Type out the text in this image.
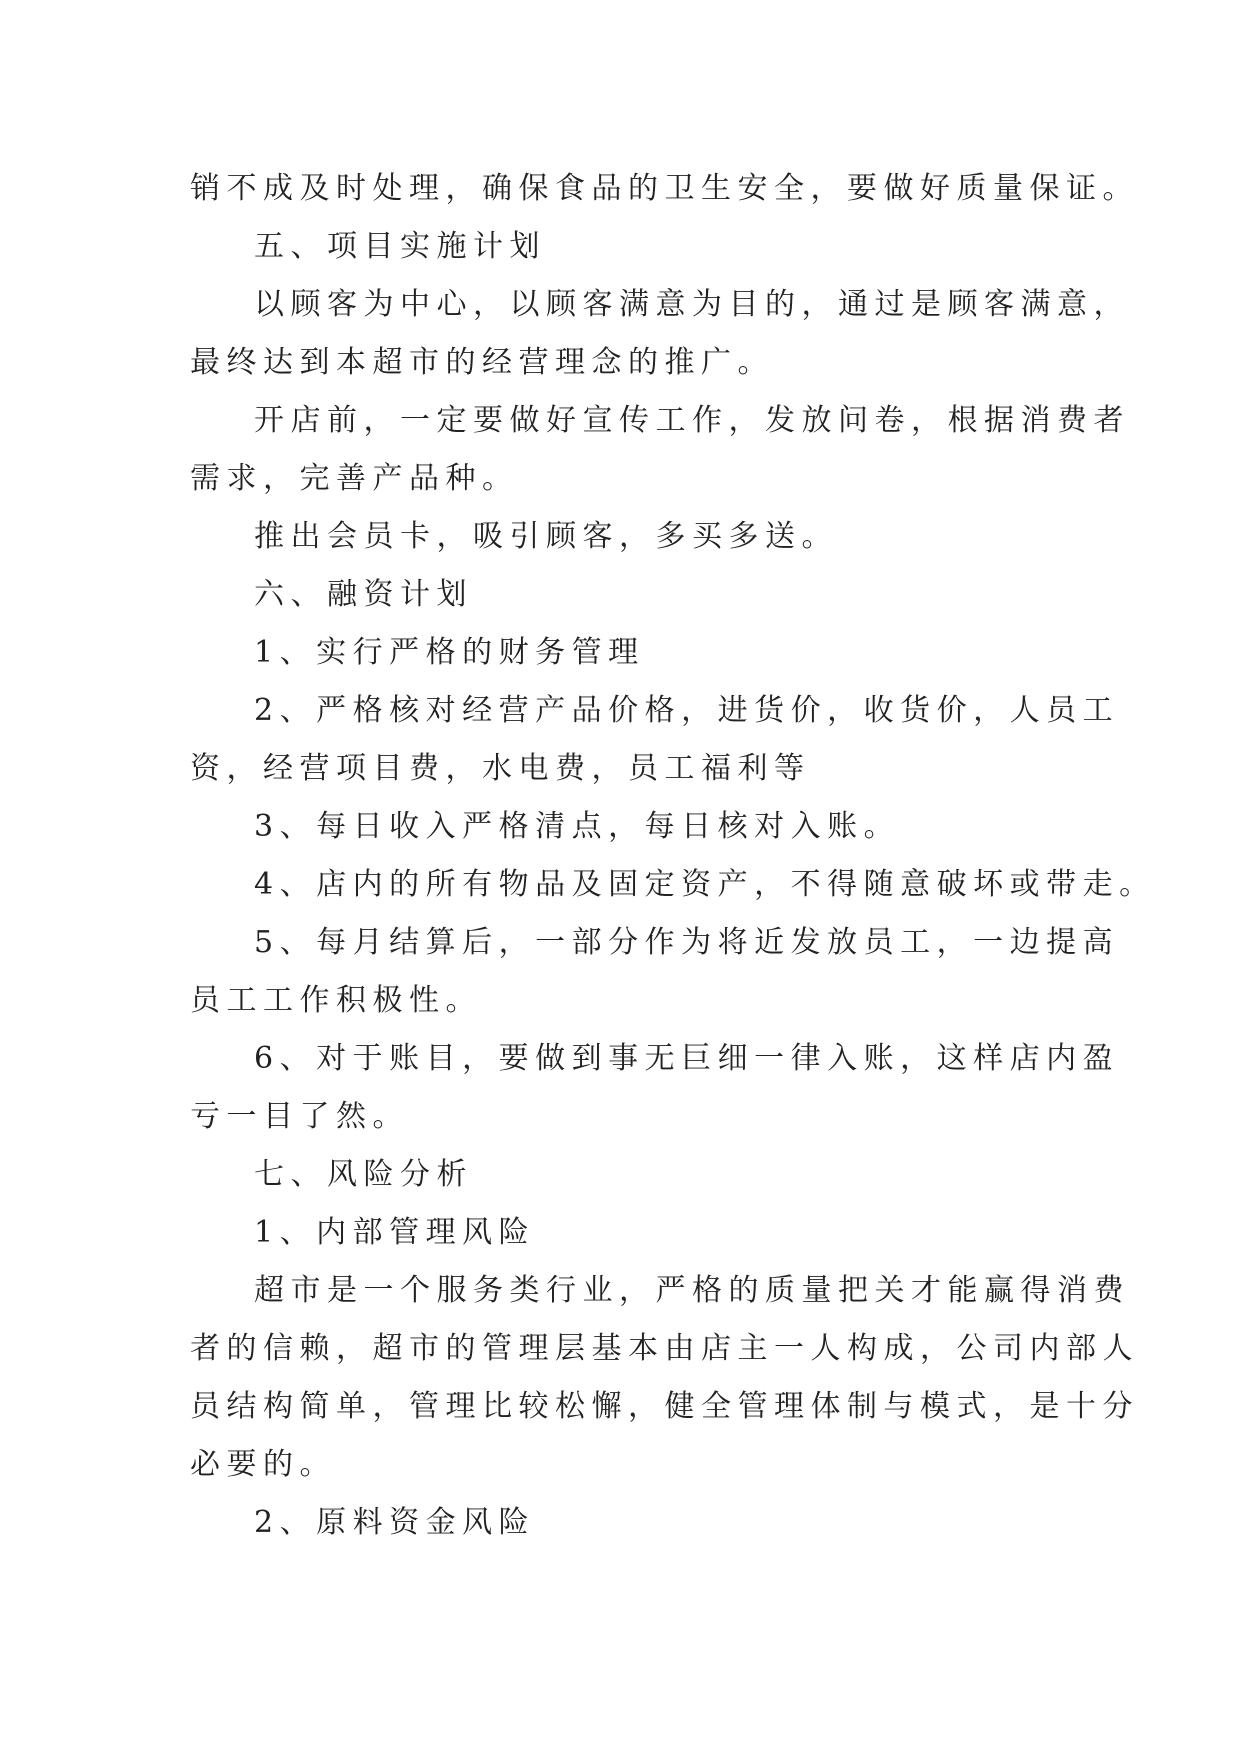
销不成及时处理，确保食品的卫生安全，要做好质量保证。
五、项目实施计划
以顾客为中心，以顾客满意为目的，通过是顾客满意，
最终达到本超市的经营理念的推广。
开店前，一定要做好宣传工作，发放问卷，根据消费者
需求，完善产品种。
推出会员卡，吸引顾客，多买多送。
六、融资计划
1、实行严格的财务管理
2、严格核对经营产品价格，进货价，收货价，人员工
资，经营项目费，水电费，员工福利等
3、每日收入严格清点，每日核对入账。
4、店内的所有物品及固定资产，不得随意破坏或带走。
5、每月结算后，一部分作为将近发放员工，一边提高
员工工作积极性。
6、对于账目，要做到事无巨细一律入账，这样店内盈
亏一目了然。
七、风险分析
1、内部管理风险
超市是一个服务类行业，严格的质量把关才能赢得消费
者的信赖，超市的管理层基本由店主一人构成，公司内部人
员结构简单，管理比较松懈，健全管理体制与模式，是十分
必要的。
2、原料资金风险
